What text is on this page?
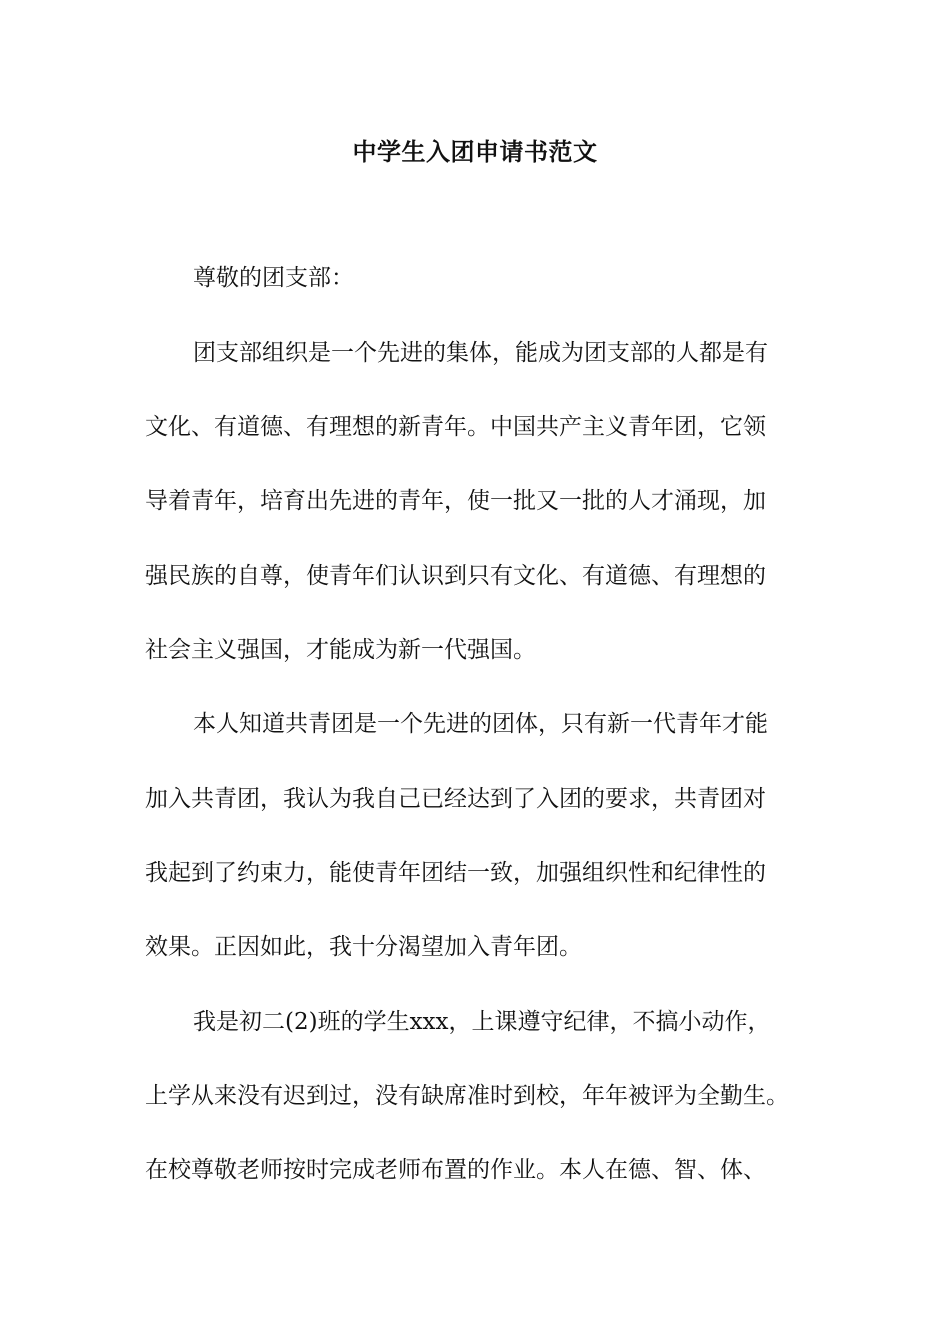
中学生入团申请书范文

尊敬的团支部：

团支部组织是一个先进的集体，能成为团支部的人都是有

文化、有道德、有理想的新青年。中国共产主义青年团，它领

导着青年，培育出先进的青年，使一批又一批的人才涌现，加

强民族的自尊，使青年们认识到只有文化、有道德、有理想的

社会主义强国，才能成为新一代强国。

本人知道共青团是一个先进的团体，只有新一代青年才能

加入共青团，我认为我自己已经达到了入团的要求，共青团对

我起到了约束力，能使青年团结一致，加强组织性和纪律性的

效果。正因如此，我十分渴望加入青年团。

我是初二(2)班的学生xxx，上课遵守纪律，不搞小动作，

上学从来没有迟到过，没有缺席准时到校，年年被评为全勤生。

在校尊敬老师按时完成老师布置的作业。本人在德、智、体、
